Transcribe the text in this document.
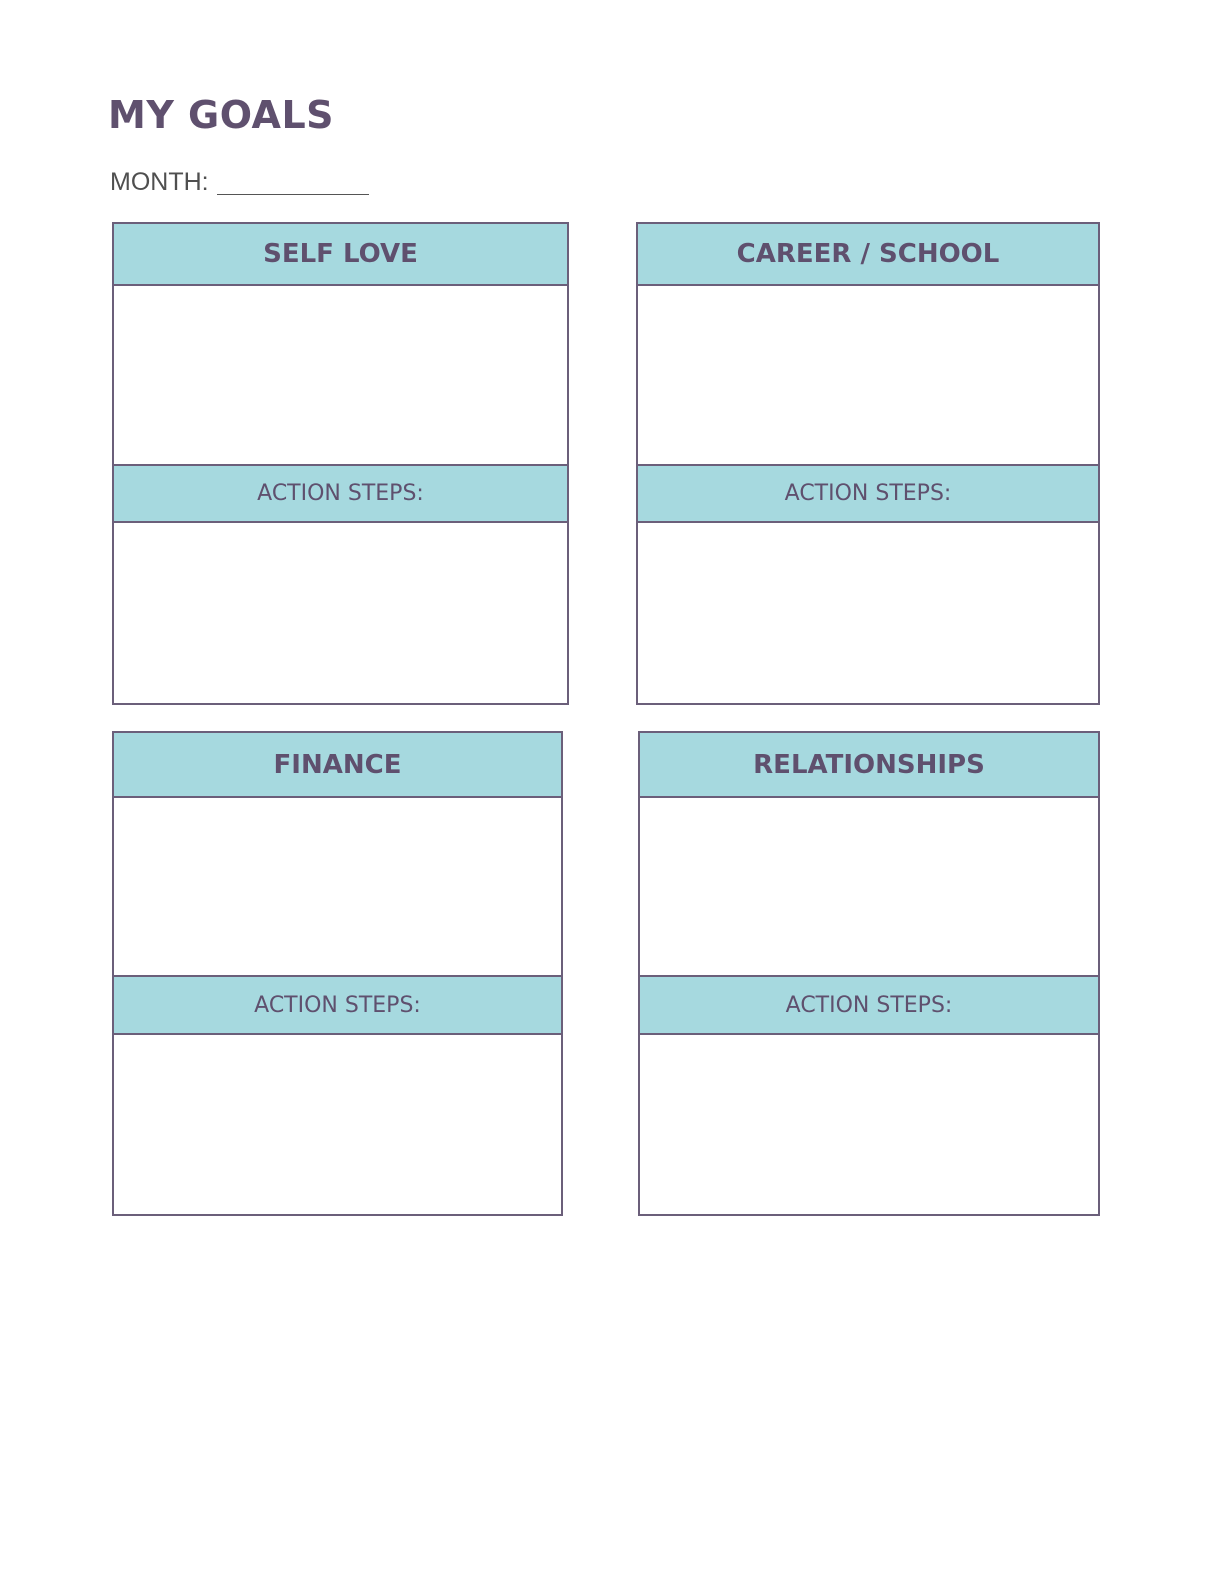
MY GOALS
MONTH:
SELF LOVE
ACTION STEPS:
CAREER / SCHOOL
ACTION STEPS:
FINANCE
ACTION STEPS:
RELATIONSHIPS
ACTION STEPS:
